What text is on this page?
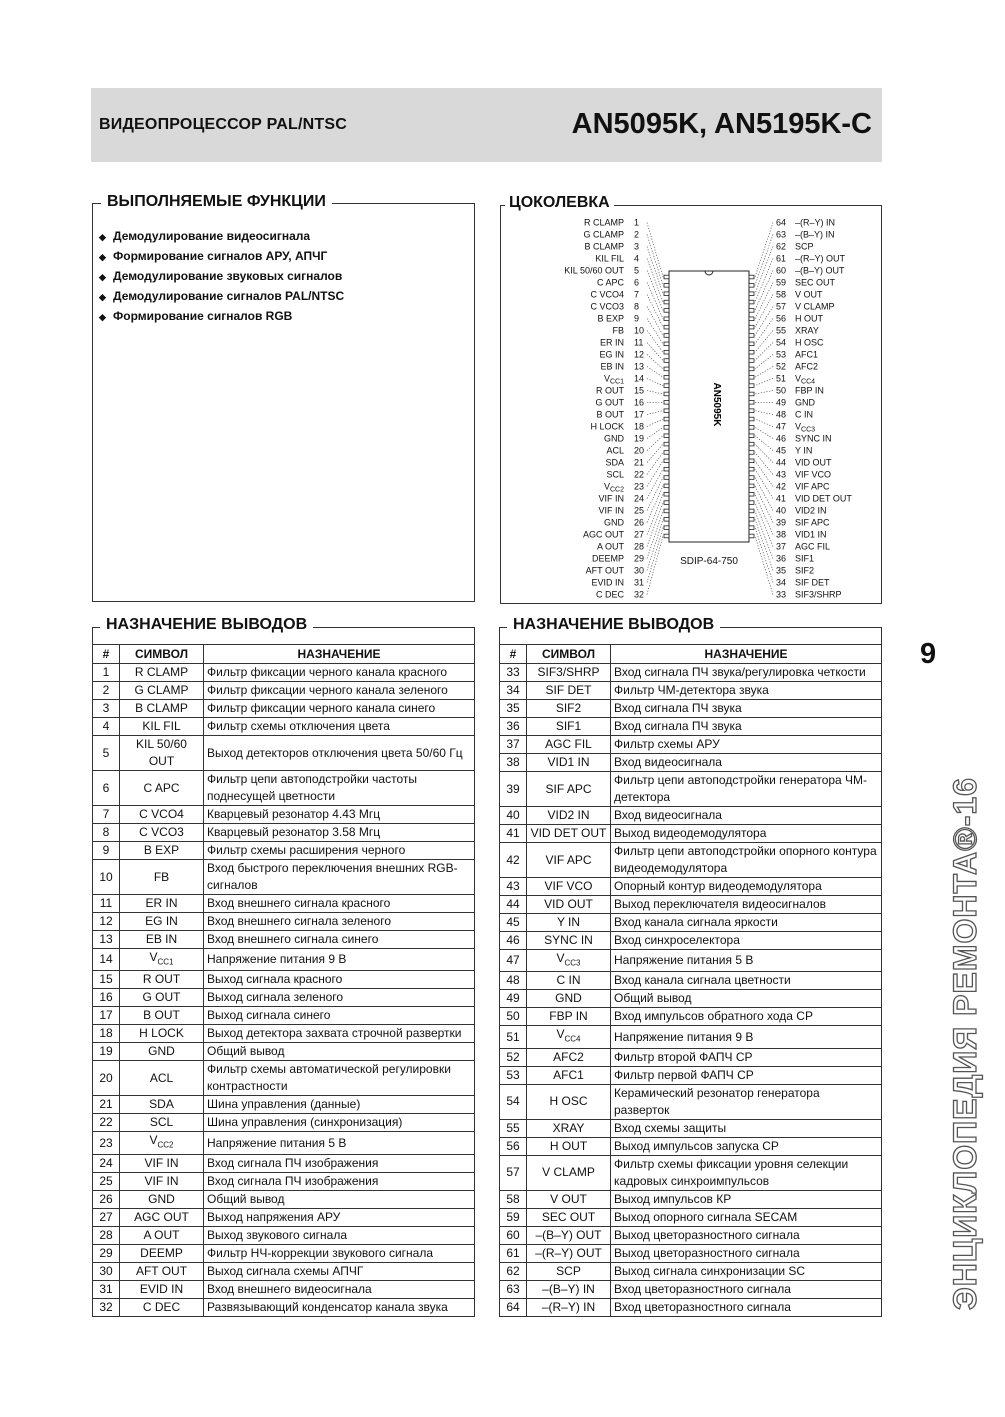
ВИДЕОПРОЦЕССОР PAL/NTSC	AN5095K, AN5195K-C
ВЫПОЛНЯЕМЫЕ ФУНКЦИИ
◆ Демодулирование видеосигнала
◆ Формирование сигналов АРУ, АПЧГ
◆ Демодулирование звуковых сигналов
◆ Демодулирование сигналов PAL/NTSC
◆ Формирование сигналов RGB
ЦОКОЛЕВКА
AN5095K
SDIP-64-750
R CLAMP 1
G CLAMP 2
B CLAMP 3
KIL FIL 4
KIL 50/60 OUT 5
C APC 6
C VCO4 7
C VCO3 8
B EXP 9
FB 10
ER IN 11
EG IN 12
EB IN 13
$V_{CC1}$ 14
R OUT 15
G OUT 16
B OUT 17
H LOCK 18
GND 19
ACL 20
SDA 21
SCL 22
$V_{CC2}$ 23
VIF IN 24
VIF IN 25
GND 26
AGC OUT 27
A OUT 28
DEEMP 29
AFT OUT 30
EVID IN 31
C DEC 32
64 –(R–Y) IN
63 –(B–Y) IN
62 SCP
61 –(R–Y) OUT
60 –(B–Y) OUT
59 SEC OUT
58 V OUT
57 V CLAMP
56 H OUT
55 XRAY
54 H OSC
53 AFC1
52 AFC2
51 $V_{CC4}$
50 FBP IN
49 GND
48 C IN
47 $V_{CC3}$
46 SYNC IN
45 Y IN
44 VID OUT
43 VIF VCO
42 VIF APC
41 VID DET OUT
40 VID2 IN
39 SIF APC
38 VID1 IN
37 AGC FIL
36 SIF1
35 SIF2
34 SIF DET
33 SIF3/SHRP
НАЗНАЧЕНИЕ ВЫВОДОВ
#	СИМВОЛ	НАЗНАЧЕНИЕ
1	R CLAMP	Фильтр фиксации черного канала красного
2	G CLAMP	Фильтр фиксации черного канала зеленого
3	B CLAMP	Фильтр фиксации черного канала синего
4	KIL FIL	Фильтр схемы отключения цвета
5	KIL 50/60 OUT	Выход детекторов отключения цвета 50/60 Гц
6	C APC	Фильтр цепи автоподстройки частоты поднесущей цветности
7	C VCO4	Кварцевый резонатор 4.43 Мгц
8	C VCO3	Кварцевый резонатор 3.58 Мгц
9	B EXP	Фильтр схемы расширения черного
10	FB	Вход быстрого переключения внешних RGB-сигналов
11	ER IN	Вход внешнего сигнала красного
12	EG IN	Вход внешнего сигнала зеленого
13	EB IN	Вход внешнего сигнала синего
14	$V_{CC1}$	Напряжение питания 9 В
15	R OUT	Выход сигнала красного
16	G OUT	Выход сигнала зеленого
17	B OUT	Выход сигнала синего
18	H LOCK	Выход детектора захвата строчной развертки
19	GND	Общий вывод
20	ACL	Фильтр схемы автоматической регулировки контрастности
21	SDA	Шина управления (данные)
22	SCL	Шина управления (синхронизация)
23	$V_{CC2}$	Напряжение питания 5 В
24	VIF IN	Вход сигнала ПЧ изображения
25	VIF IN	Вход сигнала ПЧ изображения
26	GND	Общий вывод
27	AGC OUT	Выход напряжения АРУ
28	A OUT	Выход звукового сигнала
29	DEEMP	Фильтр НЧ-коррекции звукового сигнала
30	AFT OUT	Выход сигнала схемы АПЧГ
31	EVID IN	Вход внешнего видеосигнала
32	C DEC	Развязывающий конденсатор канала звука
НАЗНАЧЕНИЕ ВЫВОДОВ
#	СИМВОЛ	НАЗНАЧЕНИЕ
33	SIF3/SHRP	Вход сигнала ПЧ звука/регулировка четкости
34	SIF DET	Фильтр ЧМ-детектора звука
35	SIF2	Вход сигнала ПЧ звука
36	SIF1	Вход сигнала ПЧ звука
37	AGC FIL	Фильтр схемы АРУ
38	VID1 IN	Вход видеосигнала
39	SIF APC	Фильтр цепи автоподстройки генератора ЧМ-детектора
40	VID2 IN	Вход видеосигнала
41	VID DET OUT	Выход видеодемодулятора
42	VIF APC	Фильтр цепи автоподстройки опорного контура видеодемодулятора
43	VIF VCO	Опорный контур видеодемодулятора
44	VID OUT	Выход переключателя видеосигналов
45	Y IN	Вход канала сигнала яркости
46	SYNC IN	Вход синхроселектора
47	$V_{CC3}$	Напряжение питания 5 В
48	C IN	Вход канала сигнала цветности
49	GND	Общий вывод
50	FBP IN	Вход импульсов обратного хода СР
51	$V_{CC4}$	Напряжение питания 9 В
52	AFC2	Фильтр второй ФАПЧ СР
53	AFC1	Фильтр первой ФАПЧ СР
54	H OSC	Керамический резонатор генератора разверток
55	XRAY	Вход схемы защиты
56	H OUT	Выход импульсов запуска СР
57	V CLAMP	Фильтр схемы фиксации уровня селекции кадровых синхроимпульсов
58	V OUT	Выход импульсов КР
59	SEC OUT	Выход опорного сигнала SECAM
60	–(B–Y) OUT	Выход цветоразностного сигнала
61	–(R–Y) OUT	Выход цветоразностного сигнала
62	SCP	Выход сигнала синхронизации SC
63	–(B–Y) IN	Вход цветоразностного сигнала
64	–(R–Y) IN	Вход цветоразностного сигнала
9
ЭНЦИКЛОПЕДИЯ РЕМОНТА®-16
